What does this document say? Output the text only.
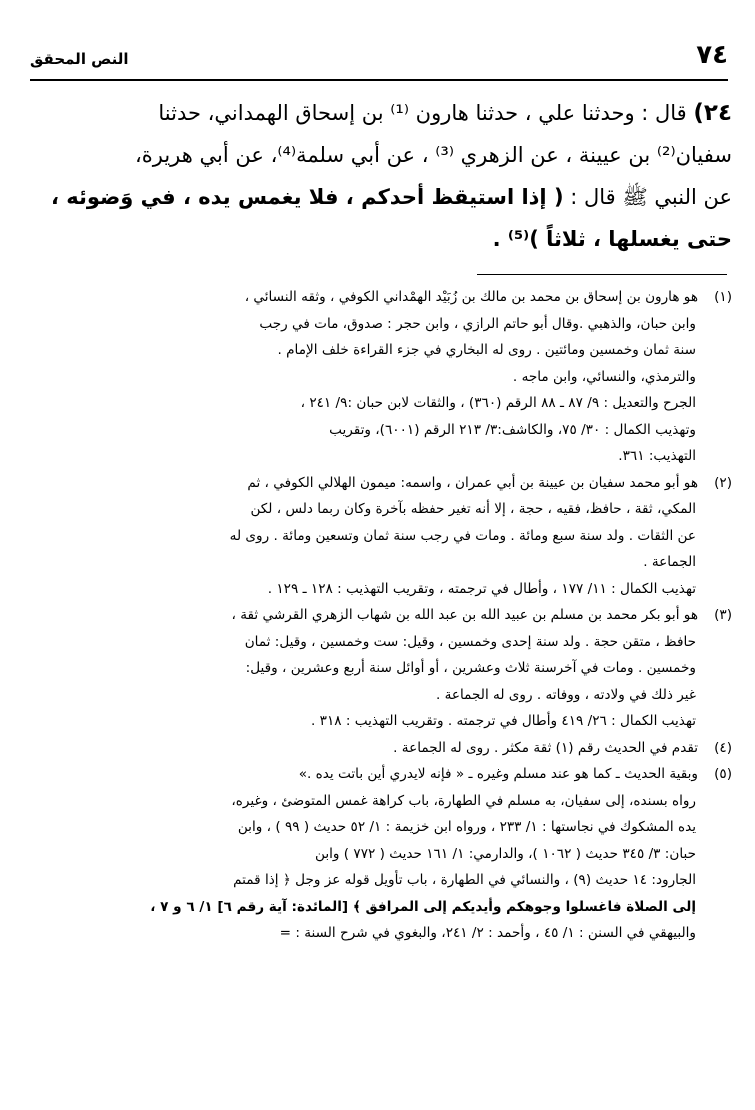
٧٤
النص المحقق
٢٤) قال : وحدثنا علي ، حدثنا هارون ⁽¹⁾ بن إسحاق الهمداني، حدثنا
سفيان⁽²⁾ بن عيينة ، عن الزهري ⁽³⁾ ، عن أبي سلمة⁽⁴⁾، عن أبي هريرة،
عن النبي ﷺ قال : ( إذا استيقظ أحدكم ، فلا يغمس يده ، في وَضوئه ،
حتى يغسلها ، ثلاثاً )⁽⁵⁾ .
(١)هو هارون بن إسحاق بن محمد بن مالك بن زُبَيْد الهمْداني الكوفي ، وثقه النسائي ،
وابن حبان، والذهبي .وقال أبو حاتم الرازي ، وابن حجر : صدوق، مات في رجب
سنة ثمان وخمسين ومائتين . روى له البخاري في جزء القراءة خلف الإمام .
والترمذي، والنسائي، وابن ماجه .
الجرح والتعديل : ٩/ ٨٧ ـ ٨٨ الرقم (٣٦٠) ، والثقات لابن حبان :٩/ ٢٤١ ،
وتهذيب الكمال : ٣٠/ ٧٥، والكاشف:٣/ ٢١٣ الرقم (٦٠٠١)، وتقريب
التهذيب: ٣٦١.
(٢)هو أبو محمد سفيان بن عيينة بن أبي عمران ، واسمه: ميمون الهلالي الكوفي ، ثم
المكي، ثقة ، حافظ، فقيه ، حجة ، إلا أنه تغير حفظه بآخرة وكان ربما دلس ، لكن
عن الثقات . ولد سنة سبع ومائة . ومات في رجب سنة ثمان وتسعين ومائة . روى له
الجماعة .
تهذيب الكمال : ١١/ ١٧٧ ، وأطال في ترجمته ، وتقريب التهذيب : ١٢٨ ـ ١٢٩ .
(٣)هو أبو بكر محمد بن مسلم بن عبيد الله بن عبد الله بن شهاب الزهري القرشي ثقة ،
حافظ ، متقن حجة . ولد سنة إحدى وخمسين ، وقيل: ست وخمسين ، وقيل: ثمان
وخمسين . ومات في آخرسنة ثلاث وعشرين ، أو أوائل سنة أربع وعشرين ، وقيل:
غير ذلك في ولادته ، ووفاته . روى له الجماعة .
تهذيب الكمال : ٢٦/ ٤١٩ وأطال في ترجمته . وتقريب التهذيب : ٣١٨ .
(٤)تقدم في الحديث رقم (١) ثقة مكثر . روى له الجماعة .
(٥)وبقية الحديث ـ كما هو عند مسلم وغيره ـ « فإنه لايدري أين باتت يده .»
رواه بسنده، إلى سفيان، به مسلم في الطهارة، باب كراهة غمس المتوضئ ، وغيره،
يده المشكوك في نجاستها : ١/ ٢٣٣ ، ورواه ابن خزيمة : ١/ ٥٢ حديث ( ٩٩ ) ، وابن
حبان: ٣/ ٣٤٥ حديث ( ١٠٦٢ )، والدارمي: ١/ ١٦١ حديث ( ٧٧٢ ) وابن
الجارود: ١٤ حديث (٩) ، والنسائي في الطهارة ، باب تأويل قوله عز وجل ﴿ إذا قمتم
إلى الصلاة فاغسلوا وجوهكم وأيديكم إلى المرافق ﴾ [المائدة: آية رقم ٦] ١/ ٦ و ٧ ،
والبيهقي في السنن : ١/ ٤٥ ، وأحمد : ٢/ ٢٤١، والبغوي في شرح السنة : =
